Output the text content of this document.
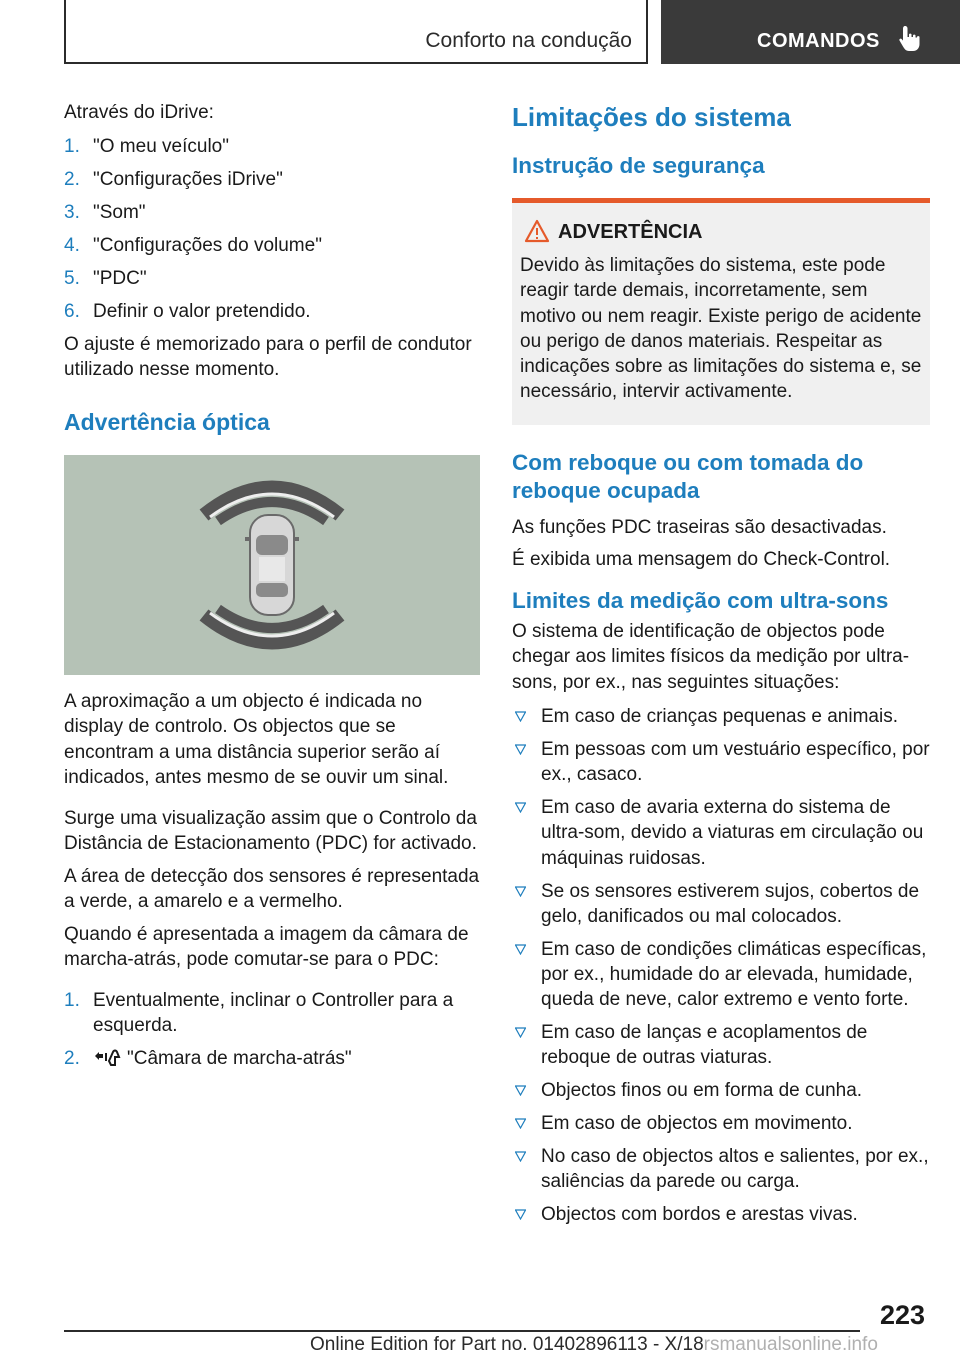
Conforto na condução	COMANDOS

Através do iDrive:

1. "O meu veículo"
2. "Configurações iDrive"
3. "Som"
4. "Configurações do volume"
5. "PDC"
6. Definir o valor pretendido.

O ajuste é memorizado para o perfil de condutor utilizado nesse momento.

Advertência óptica

A aproximação a um objecto é indicada no display de controlo. Os objectos que se encontram a uma distância superior serão aí indicados, antes mesmo de se ouvir um sinal.

Surge uma visualização assim que o Controlo da Distância de Estacionamento (PDC) for activado.

A área de detecção dos sensores é representada a verde, a amarelo e a vermelho.

Quando é apresentada a imagem da câmara de marcha-atrás, pode comutar-se para o PDC:

1. Eventualmente, inclinar o Controller para a esquerda.
2. "Câmara de marcha-atrás"
Limitações do sistema
Instrução de segurança
ADVERTÊNCIA

Devido às limitações do sistema, este pode reagir tarde demais, incorretamente, sem motivo ou nem reagir. Existe perigo de acidente ou perigo de danos materiais. Respeitar as indicações sobre as limitações do sistema e, se necessário, intervir activamente.

Com reboque ou com tomada do reboque ocupada

As funções PDC traseiras são desactivadas.

É exibida uma mensagem do Check-Control.

Limites da medição com ultra-sons

O sistema de identificação de objectos pode chegar aos limites físicos da medição por ultra-sons, por ex., nas seguintes situações:

Em caso de crianças pequenas e animais.
Em pessoas com um vestuário específico, por ex., casaco.
Em caso de avaria externa do sistema de ultra-som, devido a viaturas em circulação ou máquinas ruidosas.
Se os sensores estiverem sujos, cobertos de gelo, danificados ou mal colocados.
Em caso de condições climáticas específicas, por ex., humidade do ar elevada, humidade, queda de neve, calor extremo e vento forte.
Em caso de lanças e acoplamentos de reboque de outras viaturas.
Objectos finos ou em forma de cunha.
Em caso de objectos em movimento.
No caso de objectos altos e salientes, por ex., saliências da parede ou carga.
Objectos com bordos e arestas vivas.
223
Online Edition for Part no. 01402896113 - X/18rsmanualsonline.info
